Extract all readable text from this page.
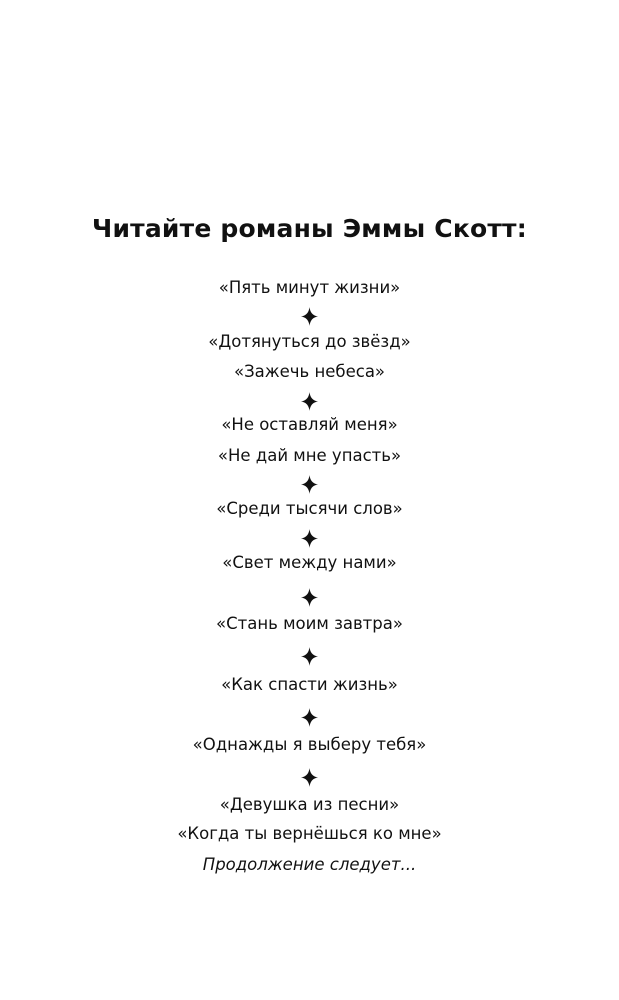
Читайте романы Эммы Скотт:
«Пять минут жизни»
«Дотянуться до звёзд»
«Зажечь небеса»
«Не оставляй меня»
«Не дай мне упасть»
«Среди тысячи слов»
«Свет между нами»
«Стань моим завтра»
«Как спасти жизнь»
«Однажды я выберу тебя»
«Девушка из песни»
«Когда ты вернёшься ко мне»
Продолжение следует...
